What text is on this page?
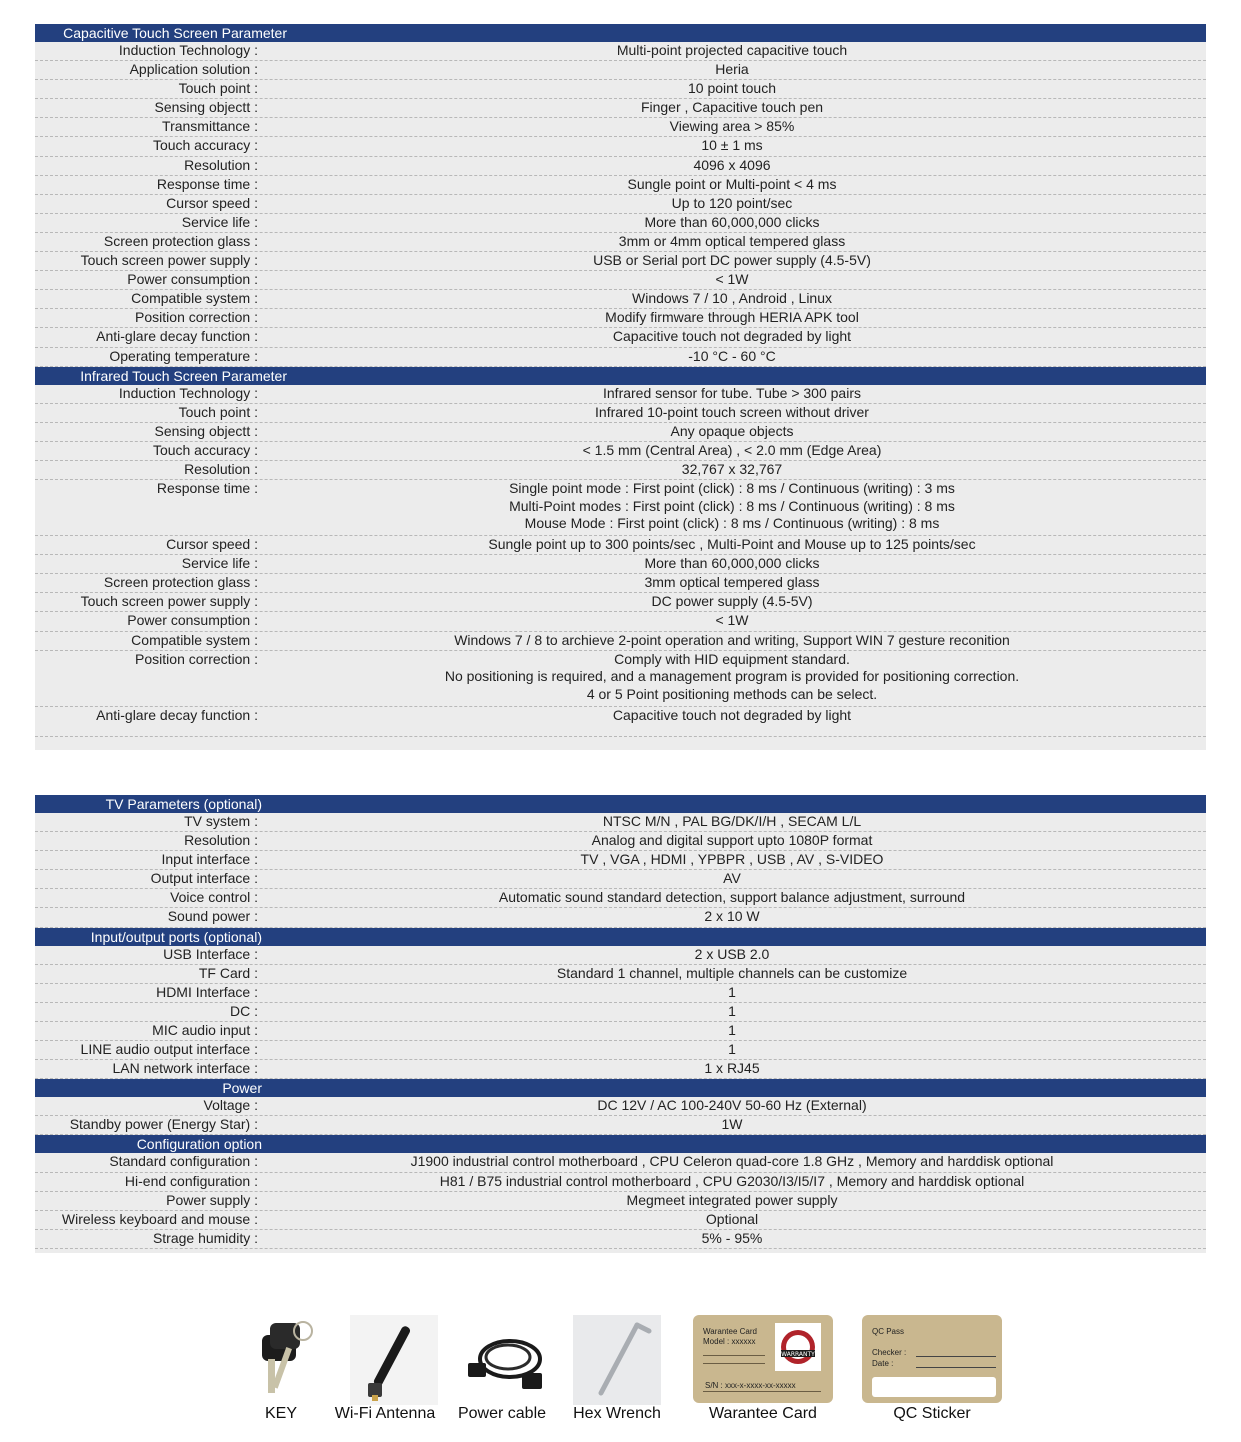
Capacitive Touch Screen Parameter
Induction Technology :	Multi-point projected capacitive touch
Application solution :	Heria
Touch point :	10 point touch
Sensing objectt :	Finger , Capacitive touch pen
Transmittance :	Viewing area > 85%
Touch accuracy :	10 ± 1 ms
Resolution :	4096 x 4096
Response time :	Sungle point or Multi-point < 4 ms
Cursor speed :	Up to 120 point/sec
Service life :	More than 60,000,000 clicks
Screen protection glass :	3mm or 4mm optical tempered glass
Touch screen power supply :	USB or Serial port DC power supply (4.5-5V)
Power consumption :	< 1W
Compatible system :	Windows 7 / 10 , Android , Linux
Position correction :	Modify firmware through HERIA APK tool
Anti-glare decay function :	Capacitive touch not degraded by light
Operating temperature :	-10 °C - 60 °C
Infrared Touch Screen Parameter
Induction Technology :	Infrared sensor for tube. Tube > 300 pairs
Touch point :	Infrared 10-point touch screen without driver
Sensing objectt :	Any opaque objects
Touch accuracy :	< 1.5 mm (Central Area) , < 2.0 mm (Edge Area)
Resolution :	32,767 x 32,767
Response time :	Single point mode : First point (click) : 8 ms / Continuous (writing) : 3 ms
Multi-Point modes : First point (click) : 8 ms / Continuous (writing) : 8 ms
Mouse Mode : First point (click) : 8 ms / Continuous (writing) : 8 ms
Cursor speed :	Sungle point up to 300 points/sec , Multi-Point and Mouse up to 125 points/sec
Service life :	More than 60,000,000 clicks
Screen protection glass :	3mm optical tempered glass
Touch screen power supply :	DC power supply (4.5-5V)
Power consumption :	< 1W
Compatible system :	Windows 7 / 8 to archieve 2-point operation and writing, Support WIN 7 gesture reconition
Position correction :	Comply with HID equipment standard.
No positioning is required, and a management program is provided for positioning correction.
4 or 5 Point positioning methods can be select.
Anti-glare decay function :	Capacitive touch not degraded by light
TV Parameters (optional)
TV system :	NTSC M/N , PAL BG/DK/I/H , SECAM L/L
Resolution :	Analog and digital support upto 1080P format
Input interface :	TV , VGA , HDMI , YPBPR , USB , AV , S-VIDEO
Output interface :	AV
Voice control :	Automatic sound standard detection, support balance adjustment, surround
Sound power :	2 x 10 W
Input/output ports (optional)
USB Interface :	2 x USB 2.0
TF Card :	Standard 1 channel, multiple channels can be customize
HDMI Interface :	1
DC :	1
MIC audio input :	1
LINE audio output interface :	1
LAN network interface :	1 x RJ45
Power
Voltage :	DC 12V / AC 100-240V 50-60 Hz (External)
Standby power (Energy Star) :	1W
Configuration option
Standard configuration :	J1900 industrial control motherboard , CPU Celeron quad-core 1.8 GHz , Memory and harddisk optional
Hi-end configuration :	H81 / B75 industrial control motherboard , CPU G2030/I3/I5/I7 , Memory and harddisk optional
Power supply :	Megmeet integrated power supply
Wireless keyboard and mouse :	Optional
Strage humidity :	5% - 95%
KEY	Wi-Fi Antenna	Power cable	Hex Wrench
Warantee Card
Model : xxxxxx
WARRANTY
S/N : xxx-x-xxxx-xx-xxxxx
Warantee Card
QC Pass
Checker :
Date :
QC Sticker
